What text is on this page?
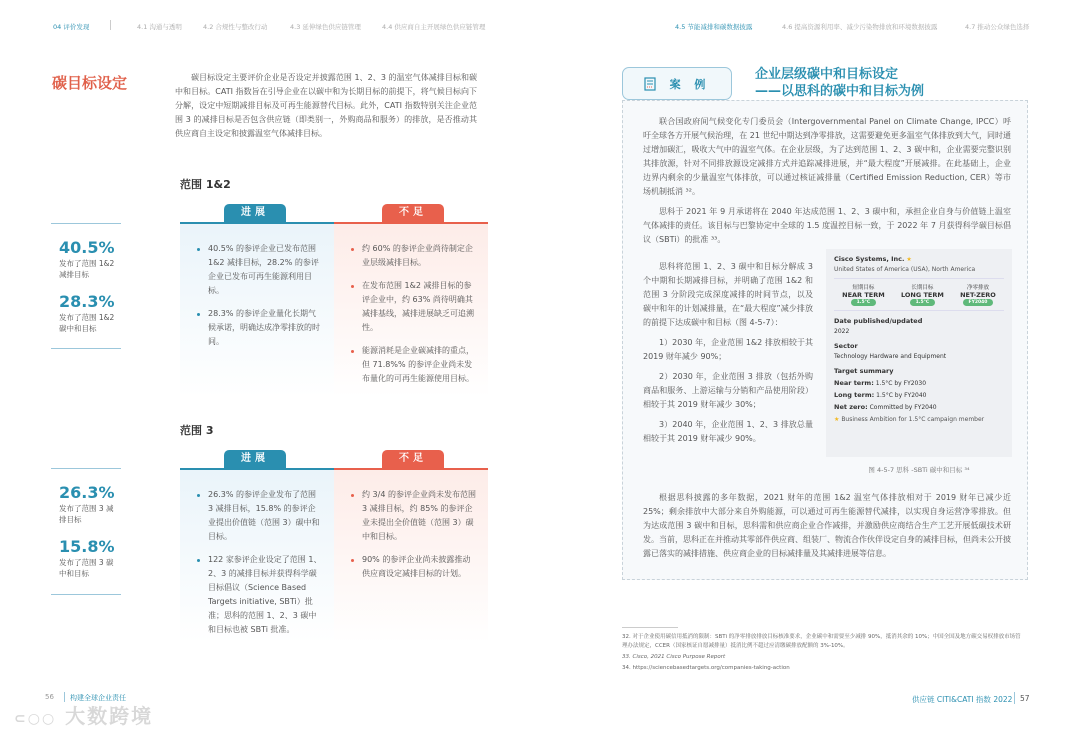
04 评价发现	4.1 沟通与透明	4.2 合规性与整改行动	4.3 延伸绿色供应链管理	4.4 供应商自主开展绿色供应链管理	4.5 节能减排和碳数据披露	4.6 提高资源利用率、减少污染物排放和环境数据披露	4.7 推动公众绿色选择
碳目标设定	碳目标设定主要评价企业是否设定并披露范围 1、2、3 的温室气体减排目标和碳中和目标。CATI 指数旨在引导企业在以碳中和为长期目标的前提下，将气候目标向下分解，设定中短期减排目标及可再生能源替代目标。此外，CATI 指数特别关注企业范围 3 的减排目标是否包含供应链（即类别一，外购商品和服务）的排放，是否推动其供应商自主设定和披露温室气体减排目标。

范围 1&2
进展	不足
40.5% 的参评企业已发布范围 1&2 减排目标，28.2% 的参评企业已发布可再生能源利用目标。
28.3% 的参评企业量化长期气候承诺，明确达成净零排放的时间。
约 60% 的参评企业尚待制定企业层级减排目标。
在发布范围 1&2 减排目标的参评企业中，约 63% 尚待明确其减排基线，减排进展缺乏可追溯性。
能源消耗是企业碳减排的重点，但 71.8%% 的参评企业尚未发布量化的可再生能源使用目标。
40.5%
发布了范围 1&2 减排目标
28.3%
发布了范围 1&2 碳中和目标
范围 3
进展	不足
26.3% 的参评企业发布了范围 3 减排目标，15.8% 的参评企业提出价值链（范围 3）碳中和目标。
122 家参评企业设定了范围 1、2、3 的减排目标并获得科学碳目标倡议（Science Based Targets initiative, SBTi）批准；思科的范围 1、2、3 碳中和目标也被 SBTi 批准。
约 3/4 的参评企业尚未发布范围 3 减排目标，约 85% 的参评企业未提出全价值链（范围 3）碳中和目标。
90% 的参评企业尚未披露推动供应商设定减排目标的计划。
26.3%
发布了范围 3 减排目标
15.8%
发布了范围 3 碳中和目标
56 构建全球企业责任
⊂○○ 大数跨境
案 例
企业层级碳中和目标设定
——以思科的碳中和目标为例

联合国政府间气候变化专门委员会（Intergovernmental Panel on Climate Change, IPCC）呼吁全球各方开展气候治理，在 21 世纪中期达到净零排放，这需要避免更多温室气体排放到大气，同时通过增加碳汇，吸收大气中的温室气体。在企业层级，为了达到范围 1、2、3 碳中和，企业需要完整识别其排放源，针对不同排放源设定减排方式并追踪减排进展，并“最大程度”开展减排。在此基础上，企业边界内剩余的少量温室气体排放，可以通过核证减排量（Certified Emission Reduction, CER）等市场机制抵消 ³²。

思科于 2021 年 9 月承诺将在 2040 年达成范围 1、2、3 碳中和，承担企业自身与价值链上温室气体减排的责任。该目标与巴黎协定中全球的 1.5 度温控目标一致，于 2022 年 7 月获得科学碳目标倡议（SBTi）的批准 ³³。

思科将范围 1、2、3 碳中和目标分解成 3 个中期和长期减排目标，并明确了范围 1&2 和范围 3 分阶段完成深度减排的时间节点，以及碳中和年的计划减排量，在“最大程度”减少排放的前提下达成碳中和目标（图 4-5-7）：

1）2030 年，企业范围 1&2 排放相较于其 2019 财年减少 90%；

2）2030 年，企业范围 3 排放（包括外购商品和服务、上游运输与分销和产品使用阶段）相较于其 2019 财年减少 30%；

3）2040 年，企业范围 1、2、3 排放总量相较于其 2019 财年减少 90%。

Cisco Systems, Inc. ★
United States of America (USA), North America
短期目标
NEAR TERM
1.5°C
长期目标
LONG TERM
1.5°C
净零排放
NET-ZERO
FY2040
Date published/updated
2022
Sector
Technology Hardware and Equipment
Target summary
Near term: 1.5°C by FY2030
Long term: 1.5°C by FY2040
Net zero: Committed by FY2040
★ Business Ambition for 1.5°C campaign member
图 4-5-7 思科 -SBTi 碳中和目标 ³⁴

根据思科披露的多年数据，2021 财年的范围 1&2 温室气体排放相对于 2019 财年已减少近 25%；剩余排放中大部分来自外购能源，可以通过可再生能源替代减排，以实现自身运营净零排放。但为达成范围 3 碳中和目标，思科需和供应商企业合作减排，并激励供应商结合生产工艺开展低碳技术研发。当前，思科正在并推动其零部件供应商、组装厂、物流合作伙伴设定自身的减排目标，但尚未公开披露已落实的减排措施、供应商企业的目标减排量及其减排进展等信息。

32. 对于企业使用碳信用抵消的限制：SBTi 的净零排放排放目标核准要求，企业碳中和需要至少减排 90%，抵消其余的 10%；中国全国及地方碳交易权排放市场管理办法规定，CCER（国家核证自愿减排量）抵消比例不超过应清缴碳排放配额的 3%-10%。
33. Cisco, 2021 Cisco Purpose Report
34. https://sciencebasedtargets.org/companies-taking-action
供应链 CITI&CATI 指数 2022 57
